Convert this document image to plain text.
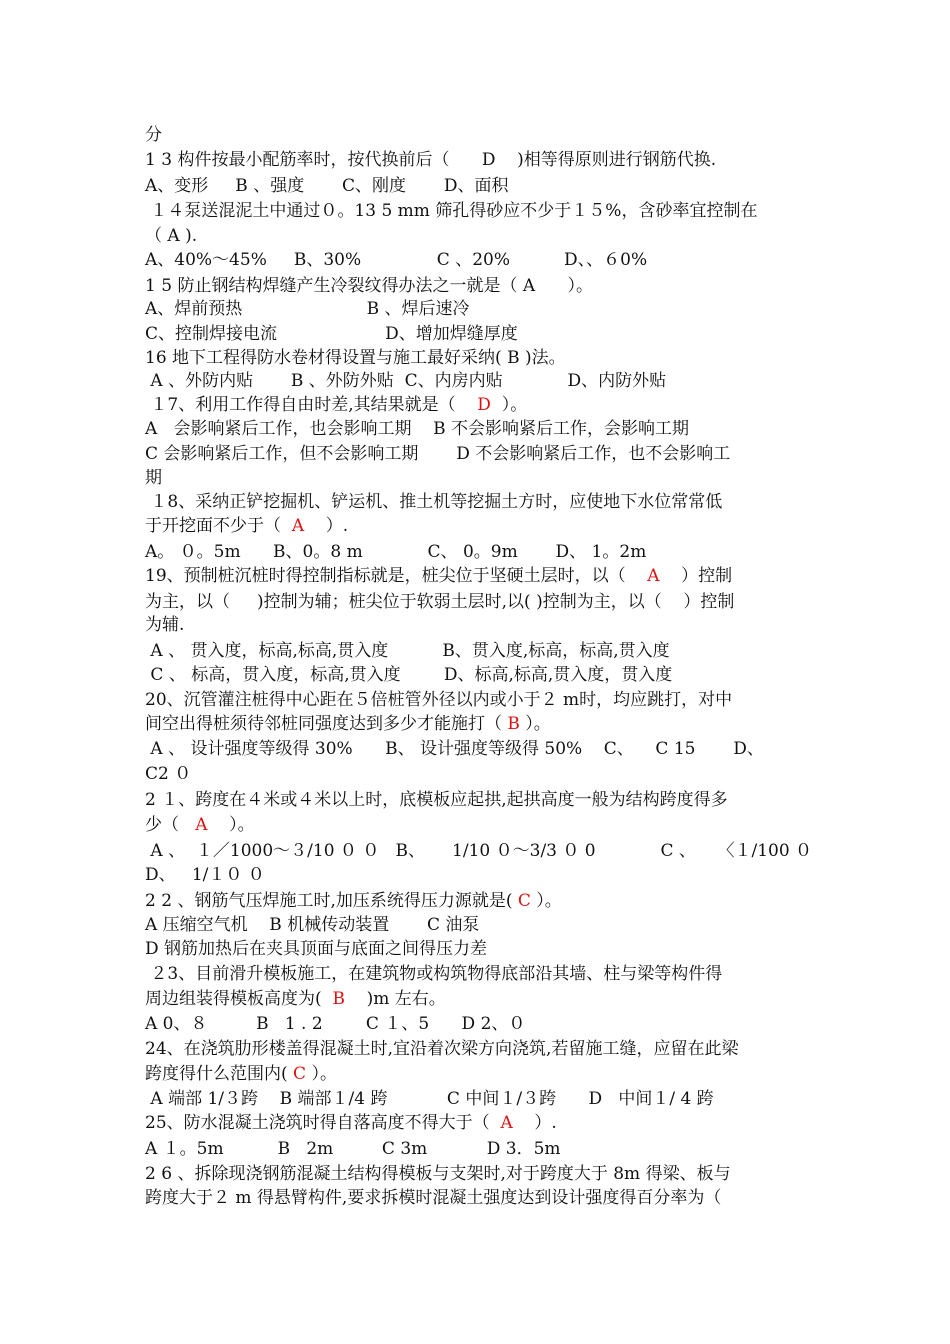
分
1 3 构件按最小配筋率时，按代换前后（      D    )相等得原则进行钢筋代换.
A、变形     B 、强度       C、刚度       D、面积
１４泵送混泥土中通过０。13 5 mm 筛孔得砂应不少于１５%，含砂率宜控制在
（ A ).
A、40%～45%     B、30%              C 、20%          D、、６0%
1 5 防止钢结构焊缝产生冷裂纹得办法之一就是（ A      ）。
A、焊前预热                       B 、焊后速冷
C、控制焊接电流                    D、增加焊缝厚度
16 地下工程得防水卷材得设置与施工最好采纳( B )法。
A 、外防内贴       B 、外防外贴  C、内房内贴            D、内防外贴
１7、利用工作得自由时差,其结果就是（    D  ）。
A   会影响紧后工作，也会影响工期    B 不会影响紧后工作，会影响工期
C 会影响紧后工作，但不会影响工期       D 不会影响紧后工作，也不会影响工
期
１8、采纳正铲挖掘机、铲运机、推土机等挖掘土方时，应使地下水位常常低
于开挖面不少于（  A    ）.
A。 ０。5m      B、0。8 m            C、 0。9m       D、 1。2m
19、预制桩沉桩时得控制指标就是，桩尖位于坚硬土层时，以（    A    ）控制
为主，以（     )控制为辅；桩尖位于软弱土层时,以( )控制为主，以（    ）控制
为辅.
A 、 贯入度，标高,标高,贯入度          B、贯入度,标高，标高,贯入度
C 、 标高，贯入度，标高,贯入度        D、标高,标高,贯入度，贯入度
20、沉管灌注桩得中心距在５倍桩管外径以内或小于２ m时，均应跳打，对中
间空出得桩须待邻桩同强度达到多少才能施打（ B ）。
A 、 设计强度等级得 30%      B、 设计强度等级得 50%    C、    C 15       D、
C2 ０
2 １、跨度在４米或４米以上时，底模板应起拱,起拱高度一般为结构跨度得多
少（   A    ）。
A 、  １／1000～３/10 ０ ０   B、     1/10 ０～3/3 ０ 0            C 、    〈１/100 ０
D、   1/１０ ０
2 2 、钢筋气压焊施工时,加压系统得压力源就是( C ）。
A 压缩空气机    B 机械传动装置       C 油泵
D 钢筋加热后在夹具顶面与底面之间得压力差
２3、目前滑升模板施工，在建筑物或构筑物得底部沿其墙、柱与梁等构件得
周边组装得模板高度为(  B    )m 左右。
A 0、８         B   1 . 2        C １、5      D 2、０
24、在浇筑肋形楼盖得混凝土时,宜沿着次梁方向浇筑,若留施工缝，应留在此梁
跨度得什么范围内( C ）。
A 端部 1/３跨    B 端部１/4 跨           C 中间１/３跨      D   中间１/ 4 跨
25、防水混凝土浇筑时得自落高度不得大于（  A    ）.
A １。5m          B   2m         C 3m           D 3．5m
2 6 、拆除现浇钢筋混凝土结构得模板与支架时,对于跨度大于 8m 得梁、板与
跨度大于２ m 得悬臂构件,要求拆模时混凝土强度达到设计强度得百分率为（
